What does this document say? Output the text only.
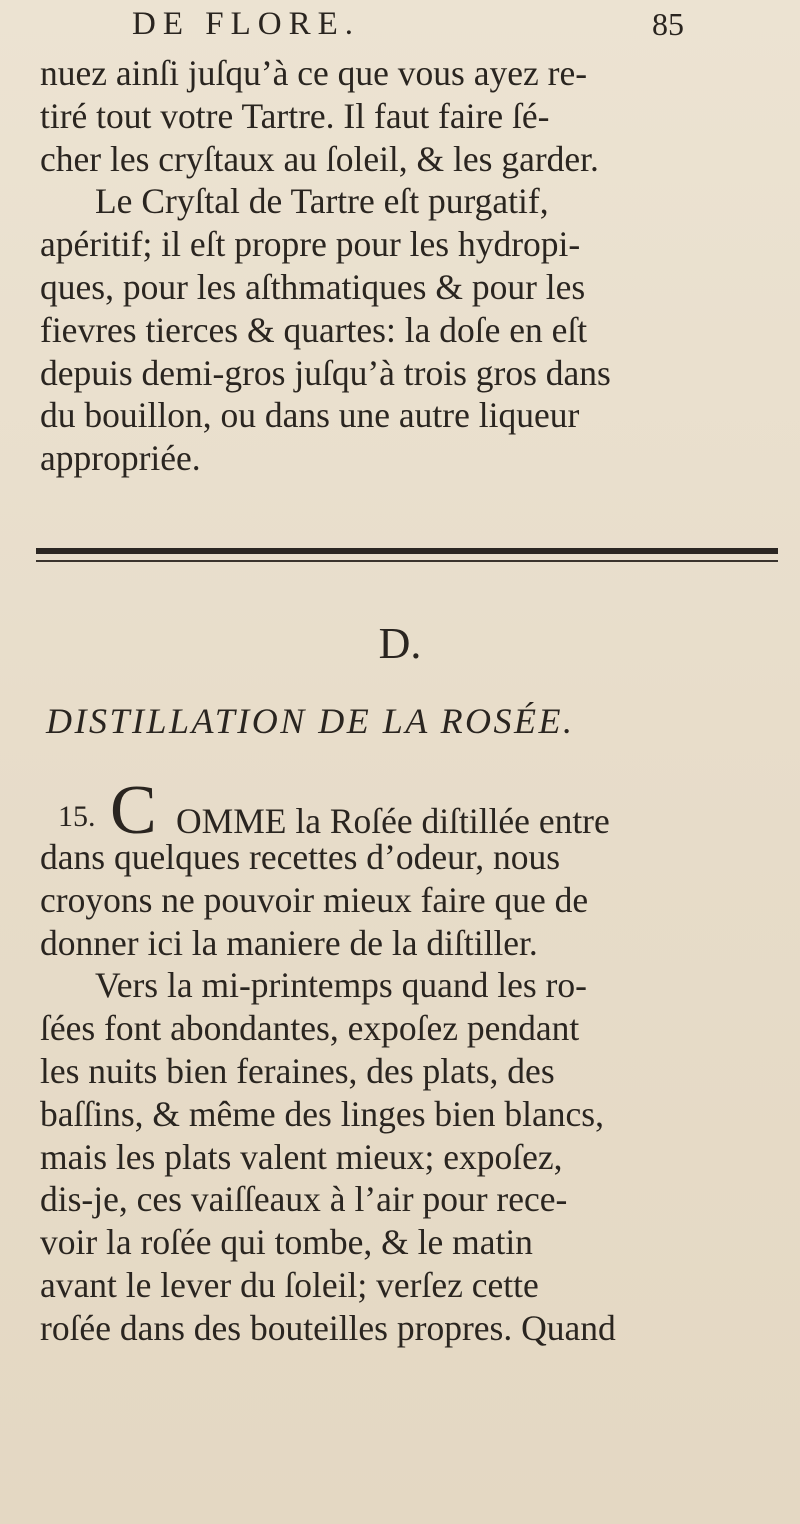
DE FLORE.	85
nuez ainſi juſqu’à ce que vous ayez re-
tiré tout votre Tartre. Il faut faire ſé-
cher les cryſtaux au ſoleil, & les garder.
Le Cryſtal de Tartre eſt purgatif,
apéritif; il eſt propre pour les hydropi-
ques, pour les aſthmatiques & pour les
fievres tierces & quartes: la doſe en eſt
depuis demi-gros juſqu’à trois gros dans
du bouillon, ou dans une autre liqueur
appropriée.
D.
DISTILLATION DE LA ROSÉE.
15. C OMME la Roſée diſtillée entre
dans quelques recettes d’odeur, nous
croyons ne pouvoir mieux faire que de
donner ici la maniere de la diſtiller.
Vers la mi-printemps quand les ro-
ſées font abondantes, expoſez pendant
les nuits bien feraines, des plats, des
baſſins, & même des linges bien blancs,
mais les plats valent mieux; expoſez,
dis-je, ces vaiſſeaux à l’air pour rece-
voir la roſée qui tombe, & le matin
avant le lever du ſoleil; verſez cette
roſée dans des bouteilles propres. Quand
